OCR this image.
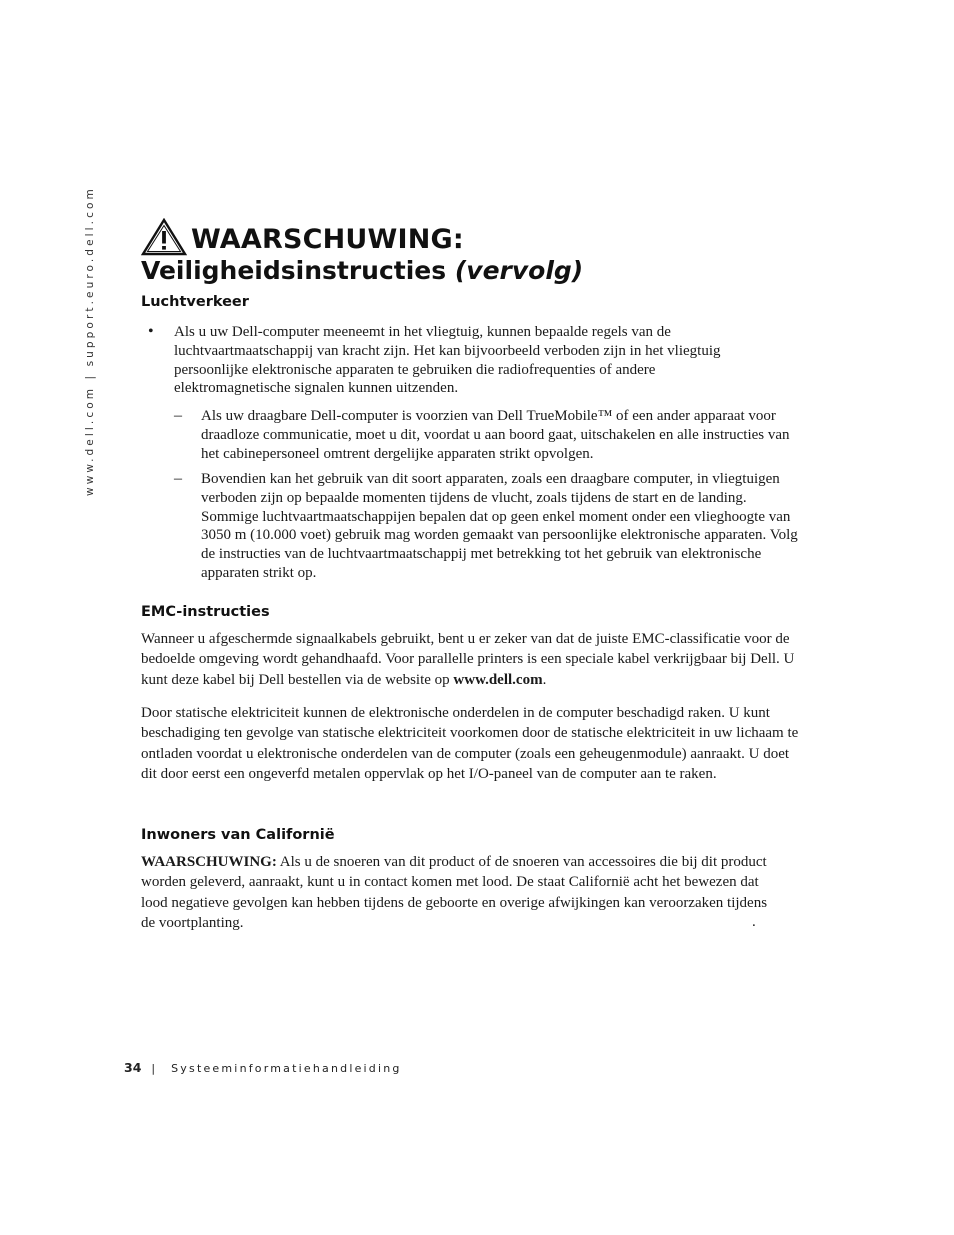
www.dell.com | support.euro.dell.com	WAARSCHUWING:
Veiligheidsinstructies (vervolg)
Luchtverkeer
• Als u uw Dell-computer meeneemt in het vliegtuig, kunnen bepaalde regels van de luchtvaartmaatschappij van kracht zijn. Het kan bijvoorbeeld verboden zijn in het vliegtuig persoonlijke elektronische apparaten te gebruiken die radiofrequenties of andere elektromagnetische signalen kunnen uitzenden.
– Als uw draagbare Dell-computer is voorzien van Dell TrueMobile™ of een ander apparaat voor draadloze communicatie, moet u dit, voordat u aan boord gaat, uitschakelen en alle instructies van het cabinepersoneel omtrent dergelijke apparaten strikt opvolgen.
– Bovendien kan het gebruik van dit soort apparaten, zoals een draagbare computer, in vliegtuigen verboden zijn op bepaalde momenten tijdens de vlucht, zoals tijdens de start en de landing. Sommige luchtvaartmaatschappijen bepalen dat op geen enkel moment onder een vlieghoogte van 3050 m (10.000 voet) gebruik mag worden gemaakt van persoonlijke elektronische apparaten. Volg de instructies van de luchtvaartmaatschappij met betrekking tot het gebruik van elektronische apparaten strikt op.
EMC-instructies
Wanneer u afgeschermde signaalkabels gebruikt, bent u er zeker van dat de juiste EMC-classificatie voor de bedoelde omgeving wordt gehandhaafd. Voor parallelle printers is een speciale kabel verkrijgbaar bij Dell. U kunt deze kabel bij Dell bestellen via de website op www.dell.com.
Door statische elektriciteit kunnen de elektronische onderdelen in de computer beschadigd raken. U kunt beschadiging ten gevolge van statische elektriciteit voorkomen door de statische elektriciteit in uw lichaam te ontladen voordat u elektronische onderdelen van de computer (zoals een geheugenmodule) aanraakt. U doet dit door eerst een ongeverfd metalen oppervlak op het I/O-paneel van de computer aan te raken.
Inwoners van Californië
WAARSCHUWING: Als u de snoeren van dit product of de snoeren van accessoires die bij dit product worden geleverd, aanraakt, kunt u in contact komen met lood. De staat Californië acht het bewezen dat lood negatieve gevolgen kan hebben tijdens de geboorte en overige afwijkingen kan veroorzaken tijdens de voortplanting.	.
34 | Systeeminformatiehandleiding
